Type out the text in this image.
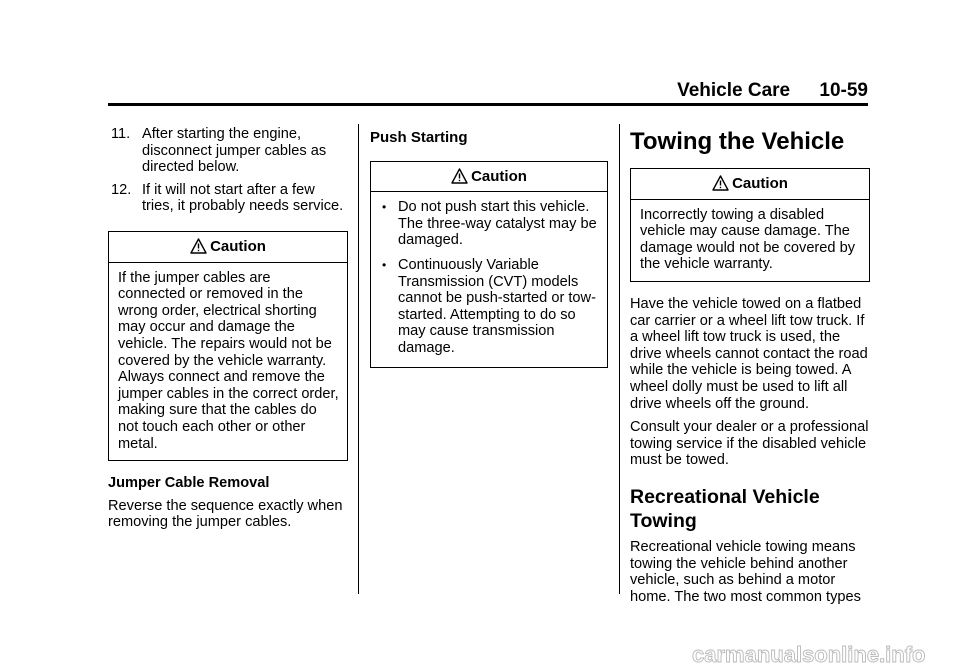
Vehicle Care 10-59
11. After starting the engine, disconnect jumper cables as directed below.
12. If it will not start after a few tries, it probably needs service.
Caution
If the jumper cables are connected or removed in the wrong order, electrical shorting may occur and damage the vehicle. The repairs would not be covered by the vehicle warranty. Always connect and remove the jumper cables in the correct order, making sure that the cables do not touch each other or other metal.
Jumper Cable Removal

Reverse the sequence exactly when removing the jumper cables.

Push Starting
Caution
• Do not push start this vehicle. The three-way catalyst may be damaged.
• Continuously Variable Transmission (CVT) models cannot be push-started or tow-started. Attempting to do so may cause transmission damage.
Towing the Vehicle
Caution
Incorrectly towing a disabled vehicle may cause damage. The damage would not be covered by the vehicle warranty.

Have the vehicle towed on a flatbed car carrier or a wheel lift tow truck. If a wheel lift tow truck is used, the drive wheels cannot contact the road while the vehicle is being towed. A wheel dolly must be used to lift all drive wheels off the ground.

Consult your dealer or a professional towing service if the disabled vehicle must be towed.

Recreational Vehicle Towing

Recreational vehicle towing means towing the vehicle behind another vehicle, such as behind a motor home. The two most common types

carmanualsonline.info
